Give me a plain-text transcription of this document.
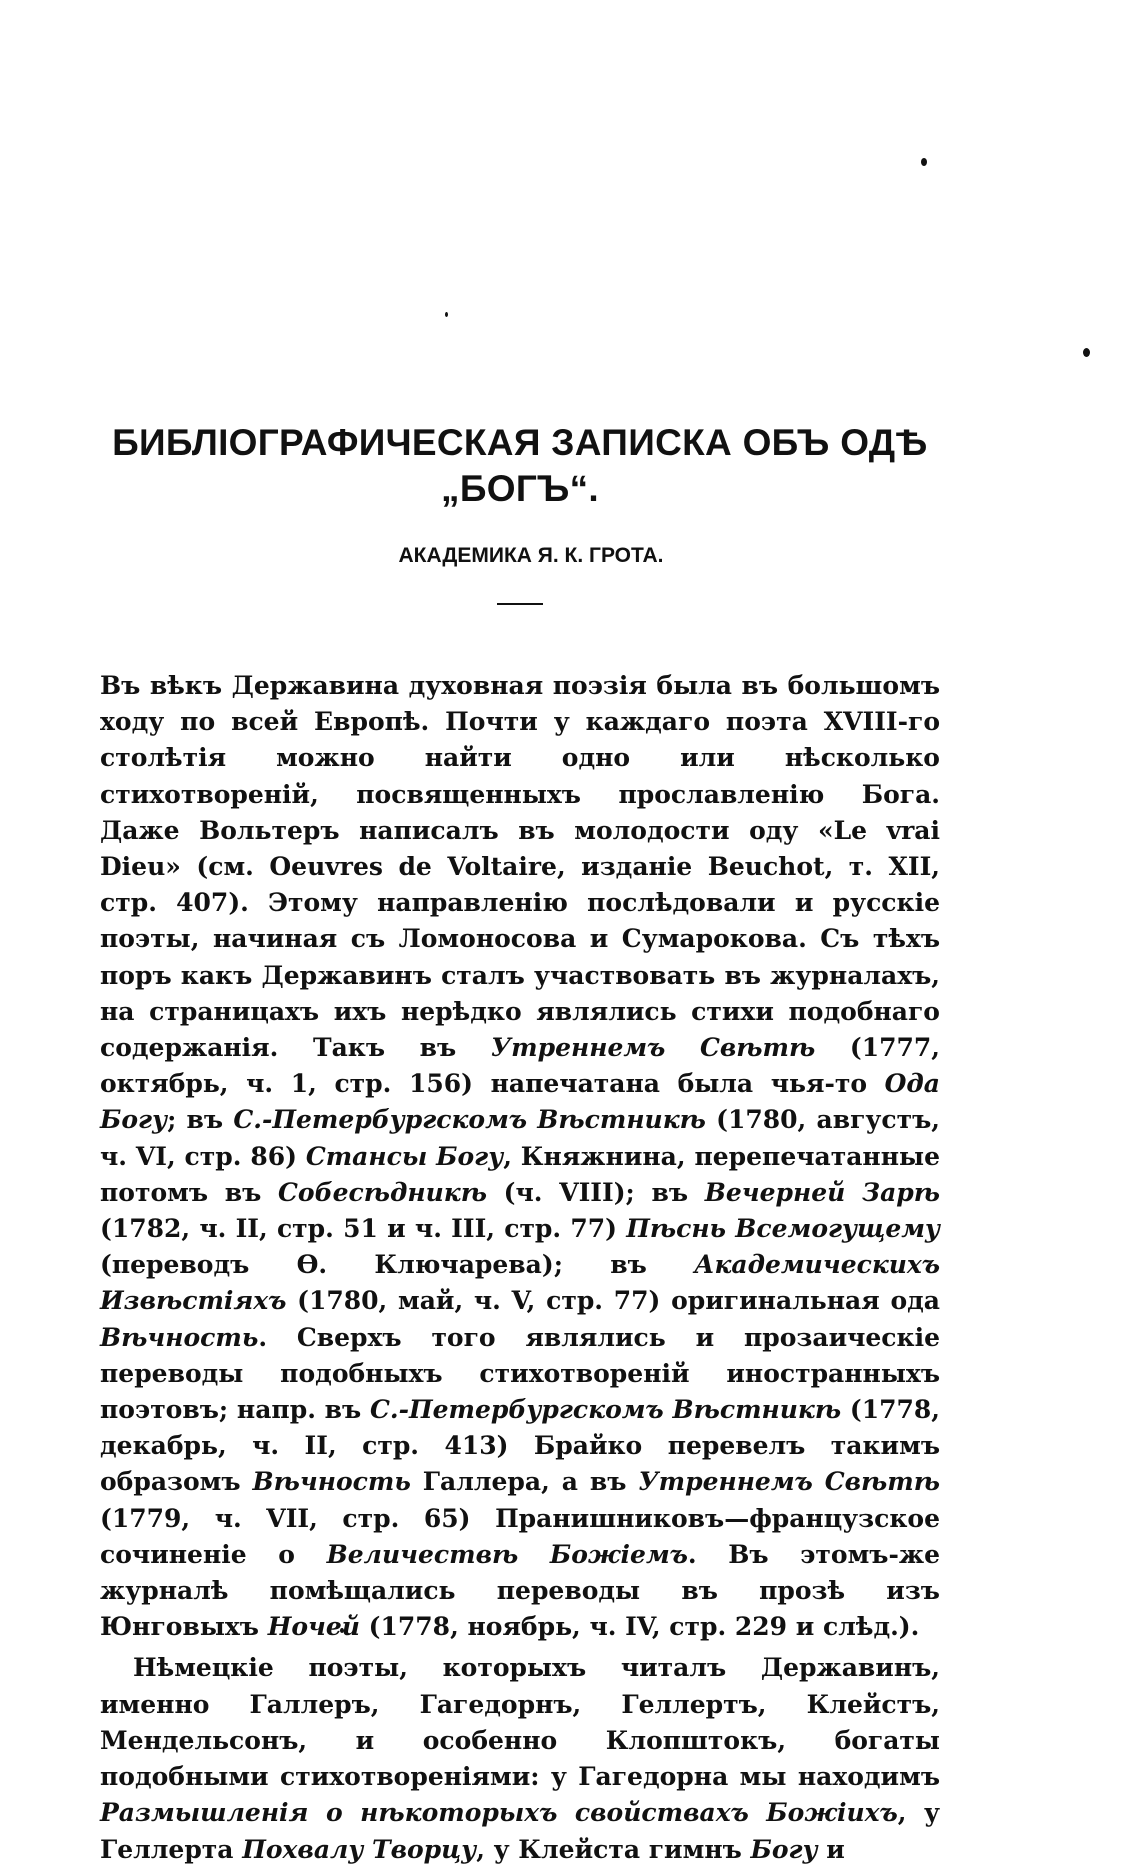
БИБЛIОГРАФИЧЕСКАЯ ЗАПИСКА ОБЪ ОДѢ „БОГЪ“.
АКАДЕМИКА Я. К. ГРОТА.

Въ вѣкъ Державина духовная поэзiя была въ большомъ ходу по всей Европѣ. Почти у каждаго поэта XVIII-го столѣтiя можно найти одно или нѣсколько стихотворенiй, посвященныхъ прославленiю Бога. Даже Вольтеръ написалъ въ молодости оду «Le vrai Dieu» (см. Oeuvres de Voltaire, изданiе Beuchot, т. XII, стр. 407). Этому направленiю послѣдовали и русскiе поэты, начиная съ Ломоносова и Сумарокова. Съ тѣхъ поръ какъ Державинъ сталъ участвовать въ журналахъ, на страницахъ ихъ нерѣдко являлись стихи подобнаго содержанiя. Такъ въ Утреннемъ Свѣтѣ (1777, октябрь, ч. 1, стр. 156) напечатана была чья-то Ода Богу; въ С.-Петербургскомъ Вѣстникѣ (1780, августъ, ч. VI, стр. 86) Стансы Богу, Княжнина, перепечатанные потомъ въ Собесѣдникѣ (ч. VIII); въ Вечерней Зарѣ (1782, ч. II, стр. 51 и ч. III, стр. 77) Пѣснь Всемогущему (переводъ Ѳ. Ключарева); въ Академическихъ Извѣстiяхъ (1780, май, ч. V, стр. 77) оригинальная ода Вѣчность. Сверхъ того являлись и прозаическiе переводы подобныхъ стихотворенiй иностранныхъ поэтовъ; напр. въ С.-Петербургскомъ Вѣстникѣ (1778, декабрь, ч. II, стр. 413) Брайко перевелъ такимъ образомъ Вѣчность Галлера, а въ Утреннемъ Свѣтѣ (1779, ч. VII, стр. 65) Пранишниковъ—французское сочиненiе о Величествѣ Божiемъ. Въ этомъ-же журналѣ помѣщались переводы въ прозѣ изъ Юнговыхъ Ночей (1778, ноябрь, ч. IV, стр. 229 и слѣд.).

Нѣмецкiе поэты, которыхъ читалъ Державинъ, именно Галлеръ, Гагедорнъ, Геллертъ, Клейстъ, Мендельсонъ, и особенно Клопштокъ, богаты подобными стихотворенiями: у Гагедорна мы находимъ Размышленiя о нѣкоторыхъ свойствахъ Божiихъ, у Геллерта Похвалу Творцу, у Клейста гимнъ Богу и
